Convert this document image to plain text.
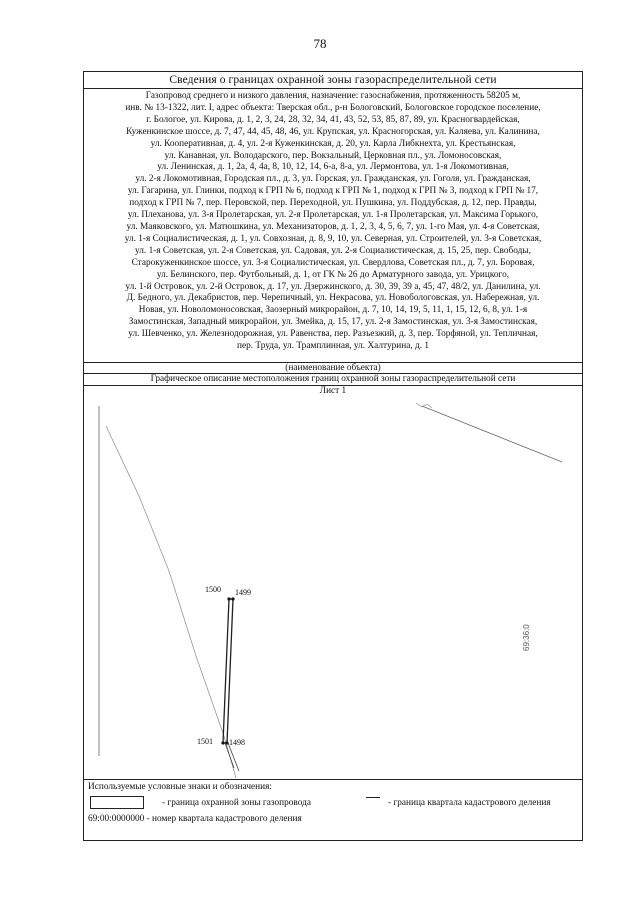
78
Сведения о границах охранной зоны газораспределительной сети
Газопровод среднего и низкого давления, назначение: газоснабжения, протяженность 58205 м,
инв. № 13-1322, лит. I, адрес объекта: Тверская обл., р-н Бологовский, Бологовское городское поселение,
г. Бологое, ул. Кирова, д. 1, 2, 3, 24, 28, 32, 34, 41, 43, 52, 53, 85, 87, 89, ул. Красногвардейская,
Куженкинское шоссе, д. 7, 47, 44, 45, 48, 46, ул. Крупская, ул. Красногорская, ул. Каляева, ул. Калинина,
ул. Кооперативная, д. 4, ул. 2-я Куженкинская, д. 20, ул. Карла Либкнехта, ул. Крестьянская,
ул. Канавная, ул. Володарского, пер. Вокзальный, Церковная пл., ул. Ломоносовская,
ул. Ленинская, д. 1, 2а, 4, 4а, 8, 10, 12, 14, 6-а, 8-а, ул. Лермонтова, ул. 1-я Локомотивная,
ул. 2-я Локомотивная, Городская пл., д. 3, ул. Горская, ул. Гражданская, ул. Гоголя, ул. Гражданская,
ул. Гагарина, ул. Глинки, подход к ГРП № 6, подход к ГРП № 1, подход к ГРП № 3, подход к ГРП № 17,
подход к ГРП № 7, пер. Перовской, пер. Переходной, ул. Пушкина, ул. Поддубская, д. 12, пер. Правды,
ул. Плеханова, ул. 3-я Пролетарская, ул. 2-я Пролетарская, ул. 1-я Пролетарская, ул. Максима Горького,
ул. Маяковского, ул. Матюшкина, ул. Механизаторов, д. 1, 2, 3, 4, 5, 6, 7, ул. 1-го Мая, ул. 4-я Советская,
ул. 1-я Социалистическая, д. 1, ул. Совхозная, д. 8, 9, 10, ул. Северная, ул. Строителей, ул. 3-я Советская,
ул. 1-я Советская, ул. 2-я Советская, ул. Садовая, ул. 2-я Социалистическая, д. 15, 25, пер. Свободы,
Старокуженкинское шоссе, ул. 3-я Социалистическая, ул. Свердлова, Советская пл., д. 7, ул. Боровая,
ул. Белинского, пер. Футбольный, д. 1, от ГК № 26 до Арматурного завода, ул. Урицкого,
ул. 1-й Островок, ул. 2-й Островок, д. 17, ул. Дзержинского, д. 30, 39, 39 а, 45, 47, 48/2, ул. Данилина, ул.
Д. Бедного, ул. Декабристов, пер. Черепичный, ул. Некрасова, ул. Новобологовская, ул. Набережная, ул.
Новая, ул. Новоломоносовская, Заозерный микрорайон, д. 7, 10, 14, 19, 5, 11, 1, 15, 12, 6, 8, ул. 1-я
Замостинская, Западный микрорайон, ул. Змейка, д. 15, 17, ул. 2-я Замостинская, ул. 3-я Замостинская,
ул. Шевченко, ул. Железнодорожная, ул. Равенства, пер. Разъезжий, д. 3, пер. Торфяной, ул. Тепличная,
пер. Труда, ул. Трамплинная, ул. Халтурина, д. 1
(наименование объекта)
Графическое описание местоположения границ охранной зоны газораспределительной сети
Лист 1
1500 1499
1501 1498
69:36:0
Используемые условные знаки и обозначения:
- граница охранной зоны газопровода	- граница квартала кадастрового деления
69:00:0000000 - номер квартала кадастрового деления
